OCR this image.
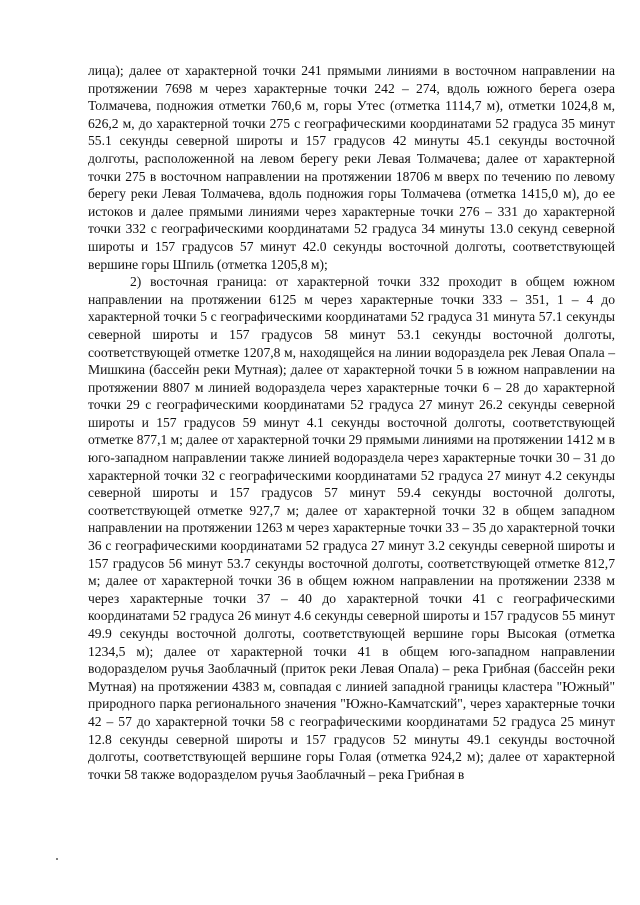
лица); далее от характерной точки 241 прямыми линиями в восточном направлении на протяжении 7698 м через характерные точки 242 – 274, вдоль южного берега озера Толмачева, подножия отметки 760,6 м, горы Утес (отметка 1114,7 м), отметки 1024,8 м, 626,2 м, до характерной точки 275 с географическими координатами 52 градуса 35 минут 55.1 секунды северной широты и 157 градусов 42 минуты 45.1 секунды восточной долготы, расположенной на левом берегу реки Левая Толмачева; далее от характерной точки 275 в восточном направлении на протяжении 18706 м вверх по течению по левому берегу реки Левая Толмачева, вдоль подножия горы Толмачева (отметка 1415,0 м), до ее истоков и далее прямыми линиями через характерные точки 276 – 331 до характерной точки 332 с географическими координатами 52 градуса 34 минуты 13.0 секунд северной широты и 157 градусов 57 минут 42.0 секунды восточной долготы, соответствующей вершине горы Шпиль (отметка 1205,8 м);

2) восточная граница: от характерной точки 332 проходит в общем южном направлении на протяжении 6125 м через характерные точки 333 – 351, 1 – 4 до характерной точки 5 с географическими координатами 52 градуса 31 минута 57.1 секунды северной широты и 157 градусов 58 минут 53.1 секунды восточной долготы, соответствующей отметке 1207,8 м, находящейся на линии водораздела рек Левая Опала – Мишкина (бассейн реки Мутная); далее от характерной точки 5 в южном направлении на протяжении 8807 м линией водораздела через характерные точки 6 – 28 до характерной точки 29 с географическими координатами 52 градуса 27 минут 26.2 секунды северной широты и 157 градусов 59 минут 4.1 секунды восточной долготы, соответствующей отметке 877,1 м; далее от характерной точки 29 прямыми линиями на протяжении 1412 м в юго-западном направлении также линией водораздела через характерные точки 30 – 31 до характерной точки 32 с географическими координатами 52 градуса 27 минут 4.2 секунды северной широты и 157 градусов 57 минут 59.4 секунды восточной долготы, соответствующей отметке 927,7 м; далее от характерной точки 32 в общем западном направлении на протяжении 1263 м через характерные точки 33 – 35 до характерной точки 36 с географическими координатами 52 градуса 27 минут 3.2 секунды северной широты и 157 градусов 56 минут 53.7 секунды восточной долготы, соответствующей отметке 812,7 м; далее от характерной точки 36 в общем южном направлении на протяжении 2338 м через характерные точки 37 – 40 до характерной точки 41 с географическими координатами 52 градуса 26 минут 4.6 секунды северной широты и 157 градусов 55 минут 49.9 секунды восточной долготы, соответствующей вершине горы Высокая (отметка 1234,5 м); далее от характерной точки 41 в общем юго-западном направлении водоразделом ручья Заоблачный (приток реки Левая Опала) – река Грибная (бассейн реки Мутная) на протяжении 4383 м, совпадая с линией западной границы кластера "Южный" природного парка регионального значения "Южно-Камчатский", через характерные точки 42 – 57 до характерной точки 58 с географическими координатами 52 градуса 25 минут 12.8 секунды северной широты и 157 градусов 52 минуты 49.1 секунды восточной долготы, соответствующей вершине горы Голая (отметка 924,2 м); далее от характерной точки 58 также водоразделом ручья Заоблачный – река Грибная в
